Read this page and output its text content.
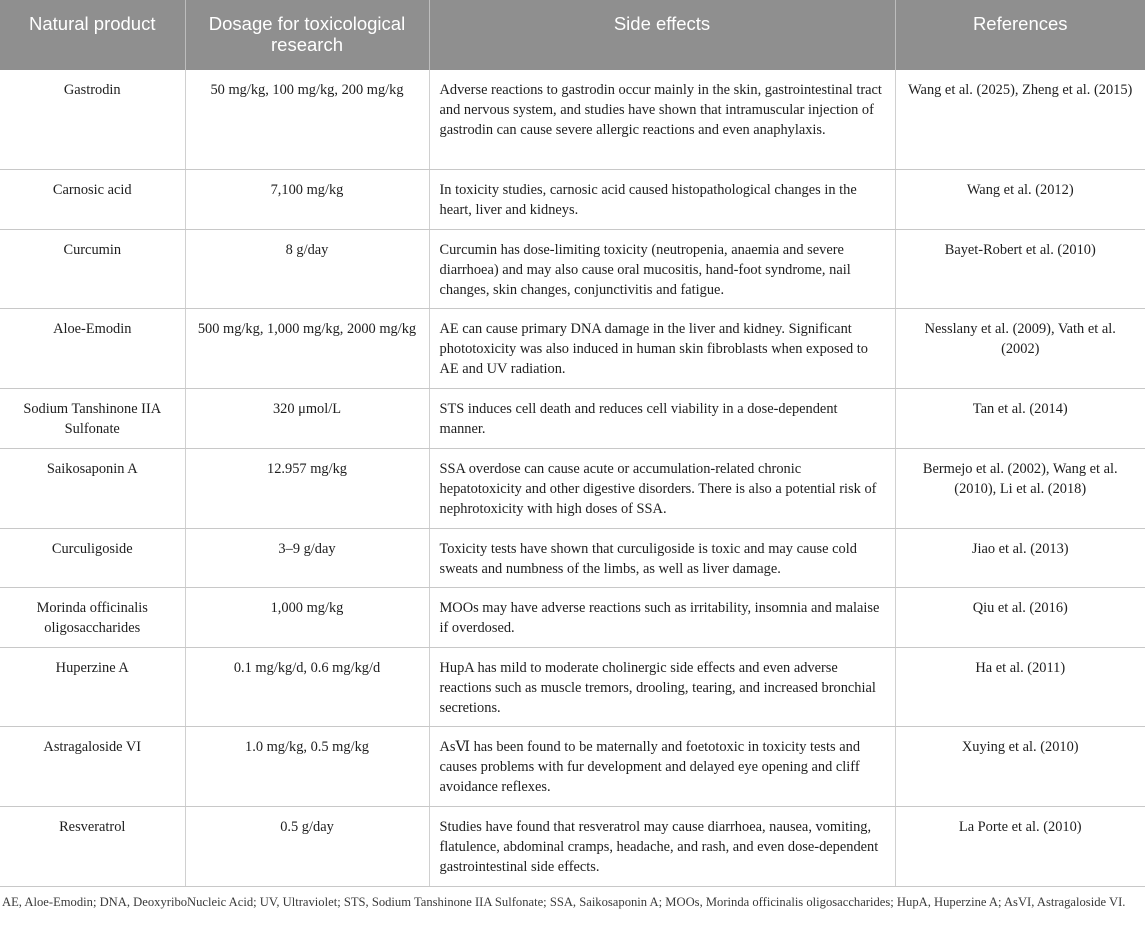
Natural product	Dosage for toxicological research	Side effects	References
Gastrodin	50 mg/kg, 100 mg/kg, 200 mg/kg	Adverse reactions to gastrodin occur mainly in the skin, gastrointestinal tract and nervous system, and studies have shown that intramuscular injection of gastrodin can cause severe allergic reactions and even anaphylaxis.	Wang et al. (2025), Zheng et al. (2015)
Carnosic acid	7,100 mg/kg	In toxicity studies, carnosic acid caused histopathological changes in the heart, liver and kidneys.	Wang et al. (2012)
Curcumin	8 g/day	Curcumin has dose-limiting toxicity (neutropenia, anaemia and severe diarrhoea) and may also cause oral mucositis, hand-foot syndrome, nail changes, skin changes, conjunctivitis and fatigue.	Bayet-Robert et al. (2010)
Aloe-Emodin	500 mg/kg, 1,000 mg/kg, 2000 mg/kg	AE can cause primary DNA damage in the liver and kidney. Significant phototoxicity was also induced in human skin fibroblasts when exposed to AE and UV radiation.	Nesslany et al. (2009), Vath et al. (2002)
Sodium Tanshinone IIA Sulfonate	320 μmol/L	STS induces cell death and reduces cell viability in a dose-dependent manner.	Tan et al. (2014)
Saikosaponin A	12.957 mg/kg	SSA overdose can cause acute or accumulation-related chronic hepatotoxicity and other digestive disorders. There is also a potential risk of nephrotoxicity with high doses of SSA.	Bermejo et al. (2002), Wang et al. (2010), Li et al. (2018)
Curculigoside	3–9 g/day	Toxicity tests have shown that curculigoside is toxic and may cause cold sweats and numbness of the limbs, as well as liver damage.	Jiao et al. (2013)
Morinda officinalis oligosaccharides	1,000 mg/kg	MOOs may have adverse reactions such as irritability, insomnia and malaise if overdosed.	Qiu et al. (2016)
Huperzine A	0.1 mg/kg/d, 0.6 mg/kg/d	HupA has mild to moderate cholinergic side effects and even adverse reactions such as muscle tremors, drooling, tearing, and increased bronchial secretions.	Ha et al. (2011)
Astragaloside VI	1.0 mg/kg, 0.5 mg/kg	AsⅥ has been found to be maternally and foetotoxic in toxicity tests and causes problems with fur development and delayed eye opening and cliff avoidance reflexes.	Xuying et al. (2010)
Resveratrol	0.5 g/day	Studies have found that resveratrol may cause diarrhoea, nausea, vomiting, flatulence, abdominal cramps, headache, and rash, and even dose-dependent gastrointestinal side effects.	La Porte et al. (2010)
AE, Aloe-Emodin; DNA, DeoxyriboNucleic Acid; UV, Ultraviolet; STS, Sodium Tanshinone IIA Sulfonate; SSA, Saikosaponin A; MOOs, Morinda officinalis oligosaccharides; HupA, Huperzine A; AsVI, Astragaloside VI.
